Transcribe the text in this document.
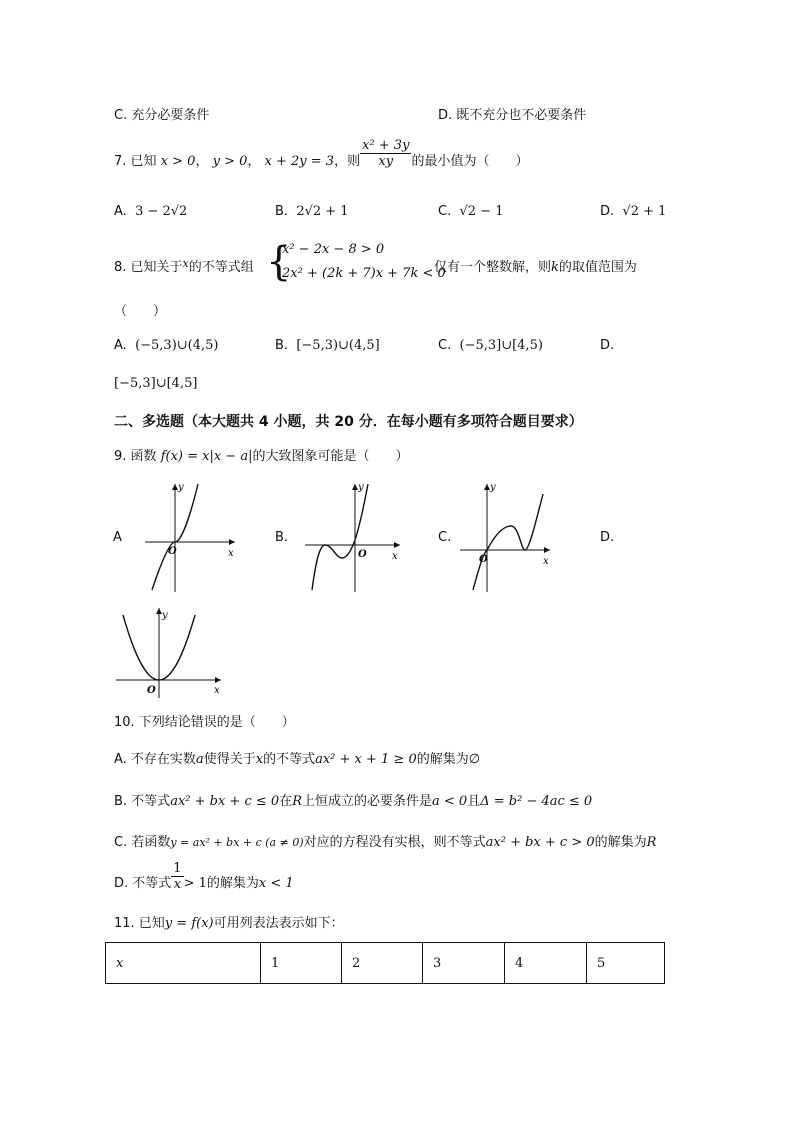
C. 充分必要条件	D. 既不充分也不必要条件
7. 已知 x > 0， y > 0， x + 2y = 3，则 $\frac{\text{x² + 3y}}{xy}$ 的最小值为（　　）
A. 3 − 2√2	B. 2√2 + 1	C. √2 − 1	D. √2 + 1
8. 已知关于$^x$的不等式组 {
x² − 2x − 8 > 0
2x² + (2k + 7)x + 7k < 0
仅有一个整数解，则k的取值范围为
（　　）
A. (−5,3)∪(4,5)	B. [−5,3)∪(4,5]	C. (−5,3]∪[4,5)	D.
[−5,3]∪[4,5]
二、多选题（本大题共 4 小题，共 20 分．在每小题有多项符合题目要求）
9. 函数 f(x) = x|x − a|的大致图象可能是（　　）
A	B.	C.	D.
x
y
O	x
y
O
x
y
O
x
y
O
10. 下列结论错误的是（　　）
A. 不存在实数a使得关于x的不等式ax² + x + 1 ≥ 0的解集为∅
B. 不等式ax² + bx + c ≤ 0在R上恒成立的必要条件是a < 0且Δ = b² − 4ac ≤ 0
C. 若函数y = ax² + bx + c (a ≠ 0)对应的方程没有实根，则不等式ax² + bx + c > 0的解集为R
D. 不等式 $\frac{1}{x} > 1$的解集为x < 1
11. 已知y = f(x)可用列表法表示如下：
x	1	2	3	4	5
